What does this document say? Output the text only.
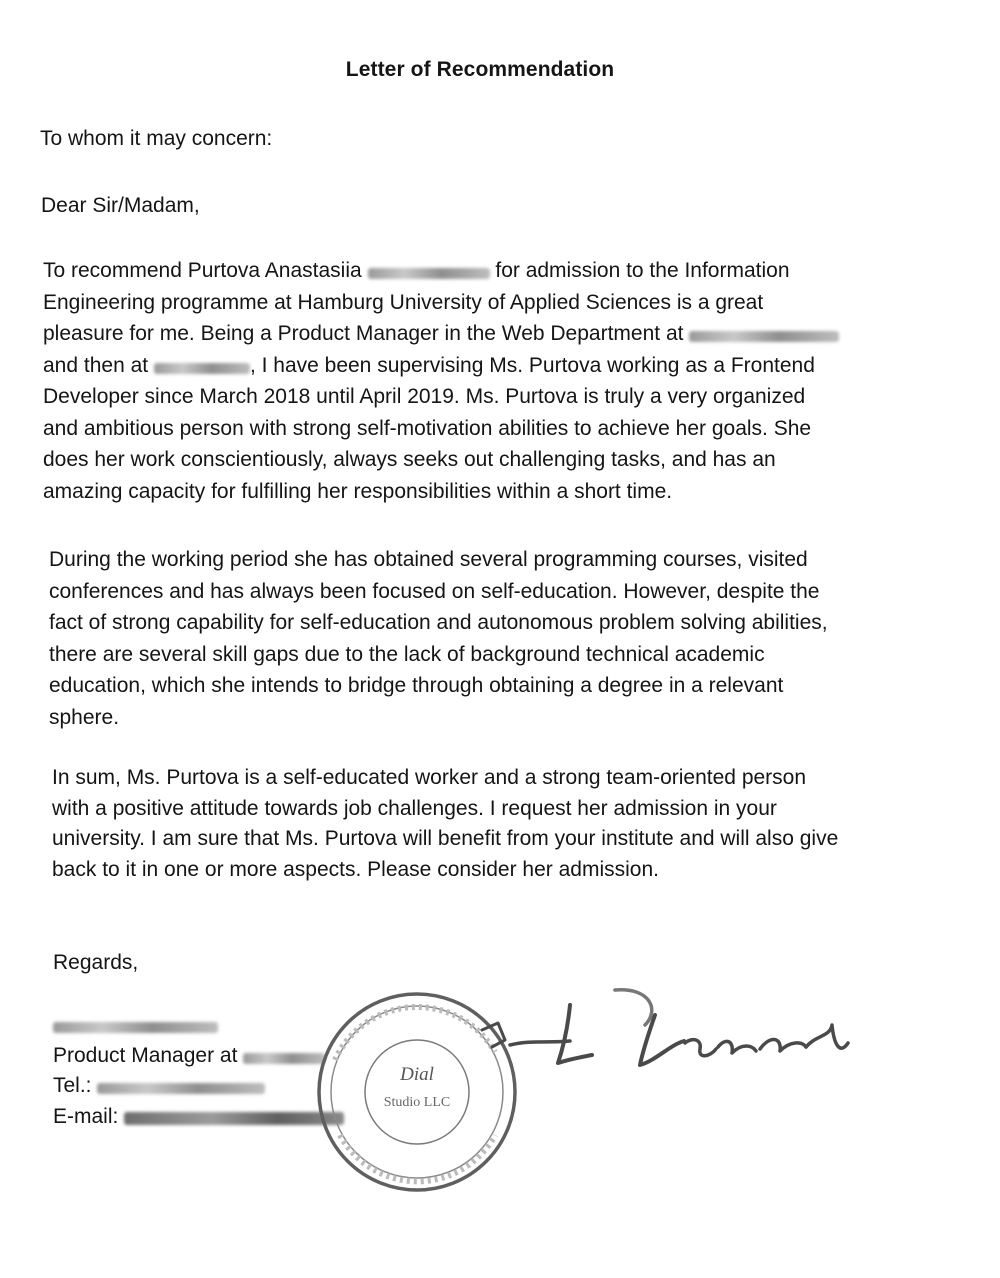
Letter of Recommendation
To whom it may concern:
Dear Sir/Madam,

To recommend Purtova Anastasiia	for admission to the Information

Engineering programme at Hamburg University of Applied Sciences is a great

pleasure for me. Being a Product Manager in the Web Department at

and then at	, I have been supervising Ms. Purtova working as a Frontend

Developer since March 2018 until April 2019. Ms. Purtova is truly a very organized

and ambitious person with strong self-motivation abilities to achieve her goals. She

does her work conscientiously, always seeks out challenging tasks, and has an

amazing capacity for fulfilling her responsibilities within a short time.

During the working period she has obtained several programming courses, visited

conferences and has always been focused on self-education. However, despite the

fact of strong capability for self-education and autonomous problem solving abilities,

there are several skill gaps due to the lack of background technical academic

education, which she intends to bridge through obtaining a degree in a relevant

sphere.

In sum, Ms. Purtova is a self-educated worker and a strong team-oriented person

with a positive attitude towards job challenges. I request her admission in your

university. I am sure that Ms. Purtova will benefit from your institute and will also give

back to it in one or more aspects. Please consider her admission.

Regards,
Product Manager at
Tel.:
E-mail:
Dial
Studio LLC
